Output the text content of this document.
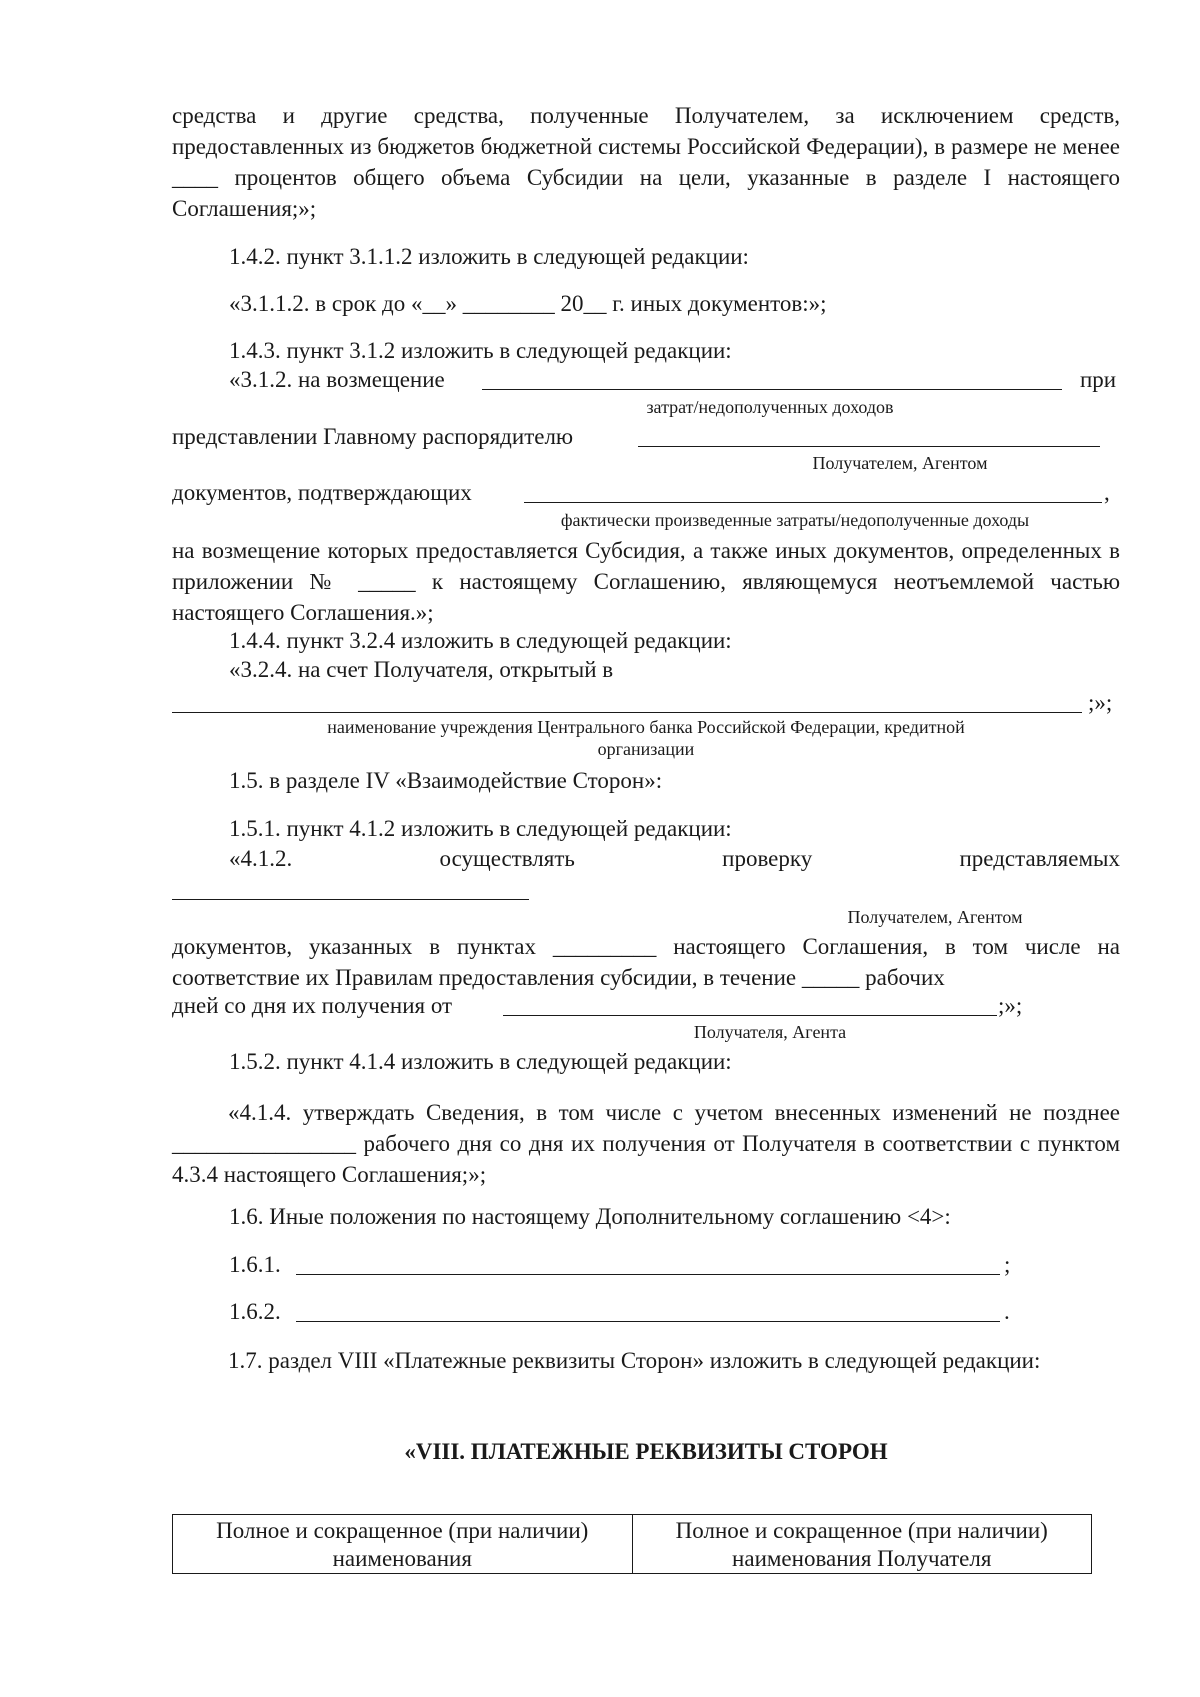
средства и другие средства, полученные Получателем, за исключением средств, предоставленных из бюджетов бюджетной системы Российской Федерации), в размере не менее ____ процентов общего объема Субсидии на цели, указанные в разделе I настоящего Соглашения;»;

1.4.2. пункт 3.1.1.2 изложить в следующей редакции:
«3.1.1.2. в срок до «__» ________ 20__ г. иных документов:»;
1.4.3. пункт 3.1.2 изложить в следующей редакции:
«3.1.2. на возмещение	при
затрат/недополученных доходов
представлении Главному распорядителю
Получателем, Агентом
документов, подтверждающих	,
фактически произведенные затраты/недополученные доходы

на возмещение которых предоставляется Субсидия, а также иных документов, определенных в приложении № _____ к настоящему Соглашению, являющемуся неотъемлемой частью настоящего Соглашения.»;

1.4.4. пункт 3.2.4 изложить в следующей редакции:
«3.2.4. на счет Получателя, открытый в
;»;
наименование учреждения Центрального банка Российской Федерации, кредитной
организации
1.5. в разделе IV «Взаимодействие Сторон»:
1.5.1. пункт 4.1.2 изложить в следующей редакции:
«4.1.2.	осуществлять	проверку	представляемых
Получателем, Агентом

документов, указанных в пунктах _________ настоящего Соглашения, в том числе на соответствие их Правилам предоставления субсидии, в течение _____ рабочих

дней со дня их получения от	;»;
Получателя, Агента
1.5.2. пункт 4.1.4 изложить в следующей редакции:

«4.1.4. утверждать Сведения, в том числе с учетом внесенных изменений не позднее ________________ рабочего дня со дня их получения от Получателя в соответствии с пунктом 4.3.4 настоящего Соглашения;»;

1.6. Иные положения по настоящему Дополнительному соглашению <4>:
1.6.1.	;
1.6.2.	.

1.7. раздел VIII «Платежные реквизиты Сторон» изложить в следующей редакции:

«VIII. ПЛАТЕЖНЫЕ РЕКВИЗИТЫ СТОРОН
Полное и сокращенное (при наличии) наименования	Полное и сокращенное (при наличии) наименования Получателя
